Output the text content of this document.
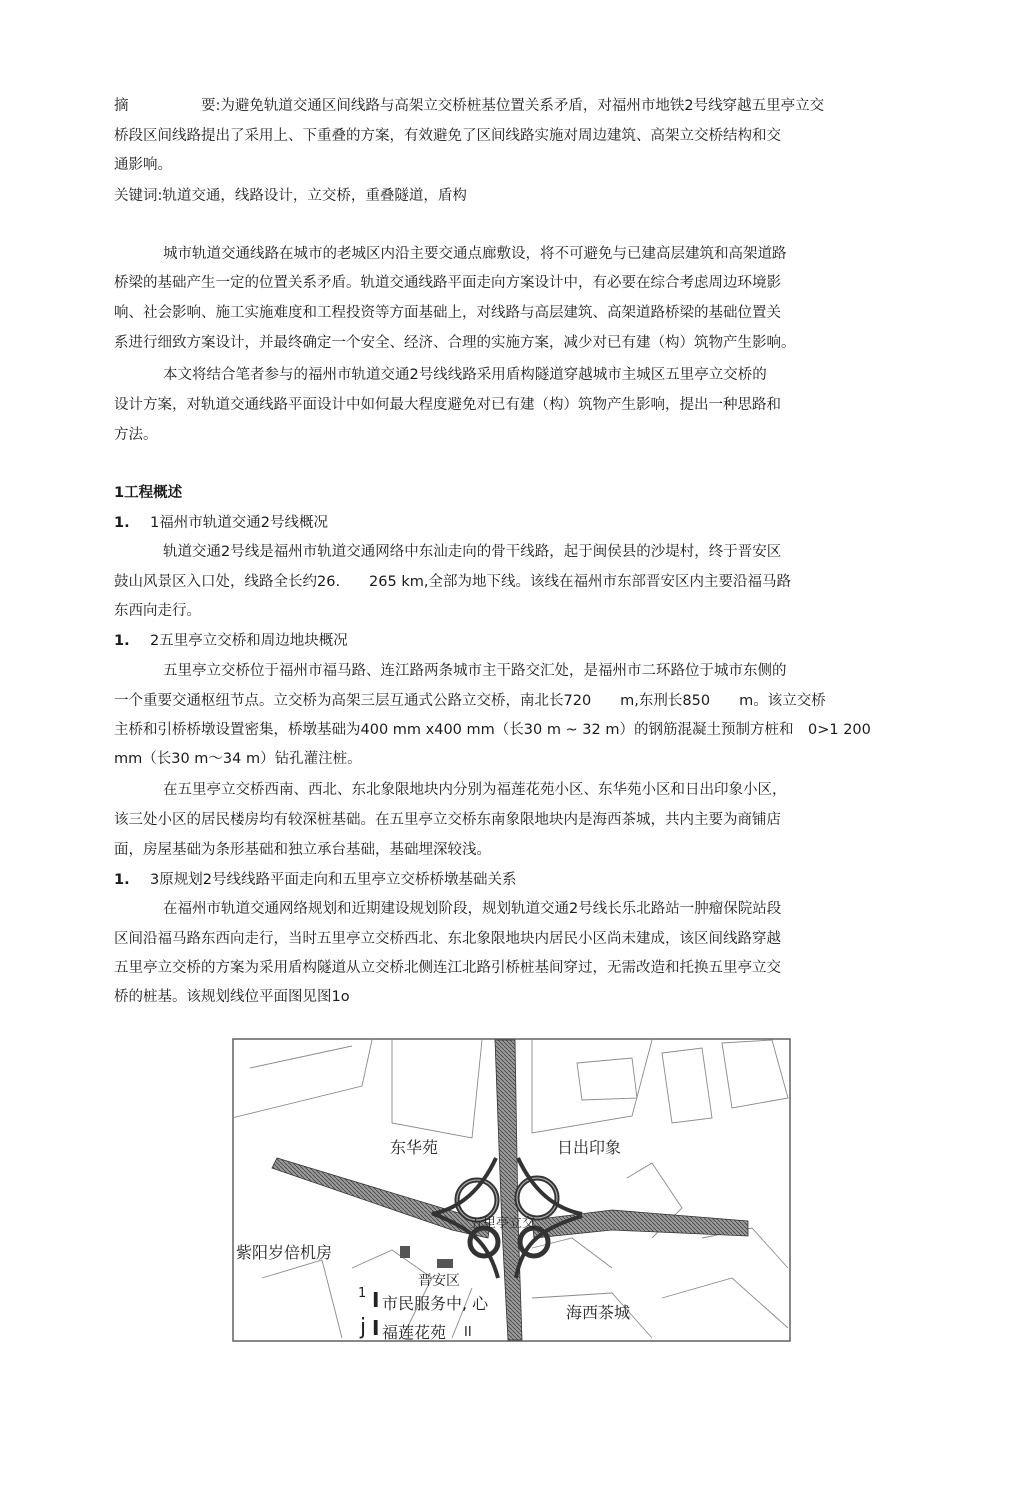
摘　　　　　要:为避免轨道交通区间线路与高架立交桥桩基位置关系矛盾，对福州市地铁2号线穿越五里亭立交
桥段区间线路提出了采用上、下重叠的方案，有效避免了区间线路实施对周边建筑、高架立交桥结构和交
通影响。
关键词:轨道交通，线路设计，立交桥，重叠隧道，盾构
城市轨道交通线路在城市的老城区内沿主要交通点廊敷设，将不可避免与已建高层建筑和高架道路
桥梁的基础产生一定的位置关系矛盾。轨道交通线路平面走向方案设计中，有必要在综合考虑周边环境影
响、社会影响、施工实施难度和工程投资等方面基础上，对线路与高层建筑、高架道路桥梁的基础位置关
系进行细致方案设计，并最终确定一个安全、经济、合理的实施方案，减少对已有建（构）筑物产生影响。
本文将结合笔者参与的福州市轨道交通2号线线路采用盾构隧道穿越城市主城区五里亭立交桥的
设计方案，对轨道交通线路平面设计中如何最大程度避免对已有建（构）筑物产生影响，提出一种思路和
方法。
1工程概述
1. 1福州市轨道交通2号线概况
轨道交通2号线是福州市轨道交通网络中东汕走向的骨干线路，起于闽侯县的沙堤村，终于晋安区
鼓山风景区入口处，线路全长约26.　　265 km,全部为地下线。该线在福州市东部晋安区内主要沿福马路
东西向走行。
1. 2五里亭立交桥和周边地块概况
五里亭立交桥位于福州市福马路、连江路两条城市主干路交汇处，是福州市二环路位于城市东侧的
一个重要交通枢纽节点。立交桥为高架三层互通式公路立交桥，南北长720　　m,东刑长850　　m。该立交桥
主桥和引桥桥墩设置密集，桥墩基础为400 mm x400 mm（长30 m ~ 32 m）的钢筋混凝土预制方桩和　0>1 200
mm（长30 m～34 m）钻孔灌注桩。
在五里亭立交桥西南、西北、东北象限地块内分别为福莲花苑小区、东华苑小区和日出印象小区，
该三处小区的居民楼房均有较深桩基础。在五里亭立交桥东南象限地块内是海西茶城，共内主要为商铺店
面，房屋基础为条形基础和独立承台基础，基础埋深较浅。
1. 3原规划2号线线路平面走向和五里亭立交桥桥墩基础关系
在福州市轨道交通网络规划和近期建设规划阶段，规划轨道交通2号线长乐北路站一肿瘤保院站段
区间沿福马路东西向走行，当时五里亭立交桥西北、东北象限地块内居民小区尚未建成，该区间线路穿越
五里亭立交桥的方案为采用盾构隧道从立交桥北侧连江北路引桥桩基间穿过，无需改造和托换五里亭立交
桥的桩基。该规划线位平面图见图1o
东华苑	日出印象
紫阳岁倍机房
五里亭立交
晋安区
1 I 市民服务中, 心	海西茶城
j I 福莲花苑 II
